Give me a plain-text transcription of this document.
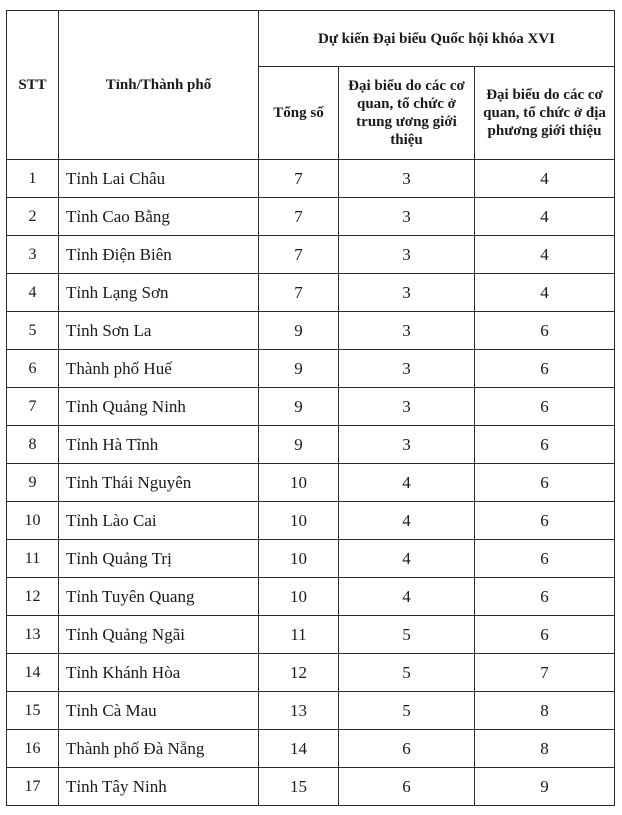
STT	Tỉnh/Thành phố	Dự kiến Đại biểu Quốc hội khóa XVI		
		Tổng số	Đại biểu do các cơ quan, tổ chức ở trung ương giới thiệu	Đại biểu do các cơ quan, tổ chức ở địa phương giới thiệu
1	Tỉnh Lai Châu	7	3	4
2	Tỉnh Cao Bằng	7	3	4
3	Tỉnh Điện Biên	7	3	4
4	Tỉnh Lạng Sơn	7	3	4
5	Tỉnh Sơn La	9	3	6
6	Thành phố Huế	9	3	6
7	Tỉnh Quảng Ninh	9	3	6
8	Tỉnh Hà Tĩnh	9	3	6
9	Tỉnh Thái Nguyên	10	4	6
10	Tỉnh Lào Cai	10	4	6
11	Tỉnh Quảng Trị	10	4	6
12	Tỉnh Tuyên Quang	10	4	6
13	Tỉnh Quảng Ngãi	11	5	6
14	Tỉnh Khánh Hòa	12	5	7
15	Tỉnh Cà Mau	13	5	8
16	Thành phố Đà Nẵng	14	6	8
17	Tỉnh Tây Ninh	15	6	9
